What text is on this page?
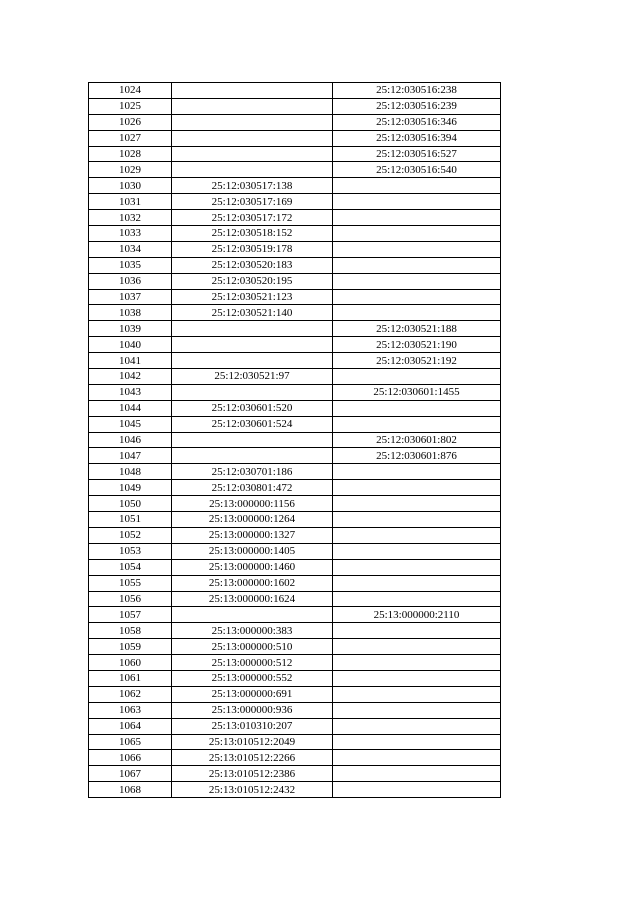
1024		25:12:030516:238
1025		25:12:030516:239
1026		25:12:030516:346
1027		25:12:030516:394
1028		25:12:030516:527
1029		25:12:030516:540
1030	25:12:030517:138	
1031	25:12:030517:169	
1032	25:12:030517:172	
1033	25:12:030518:152	
1034	25:12:030519:178	
1035	25:12:030520:183	
1036	25:12:030520:195	
1037	25:12:030521:123	
1038	25:12:030521:140	
1039		25:12:030521:188
1040		25:12:030521:190
1041		25:12:030521:192
1042	25:12:030521:97	
1043		25:12:030601:1455
1044	25:12:030601:520	
1045	25:12:030601:524	
1046		25:12:030601:802
1047		25:12:030601:876
1048	25:12:030701:186	
1049	25:12:030801:472	
1050	25:13:000000:1156	
1051	25:13:000000:1264	
1052	25:13:000000:1327	
1053	25:13:000000:1405	
1054	25:13:000000:1460	
1055	25:13:000000:1602	
1056	25:13:000000:1624	
1057		25:13:000000:2110
1058	25:13:000000:383	
1059	25:13:000000:510	
1060	25:13:000000:512	
1061	25:13:000000:552	
1062	25:13:000000:691	
1063	25:13:000000:936	
1064	25:13:010310:207	
1065	25:13:010512:2049	
1066	25:13:010512:2266	
1067	25:13:010512:2386	
1068	25:13:010512:2432	
